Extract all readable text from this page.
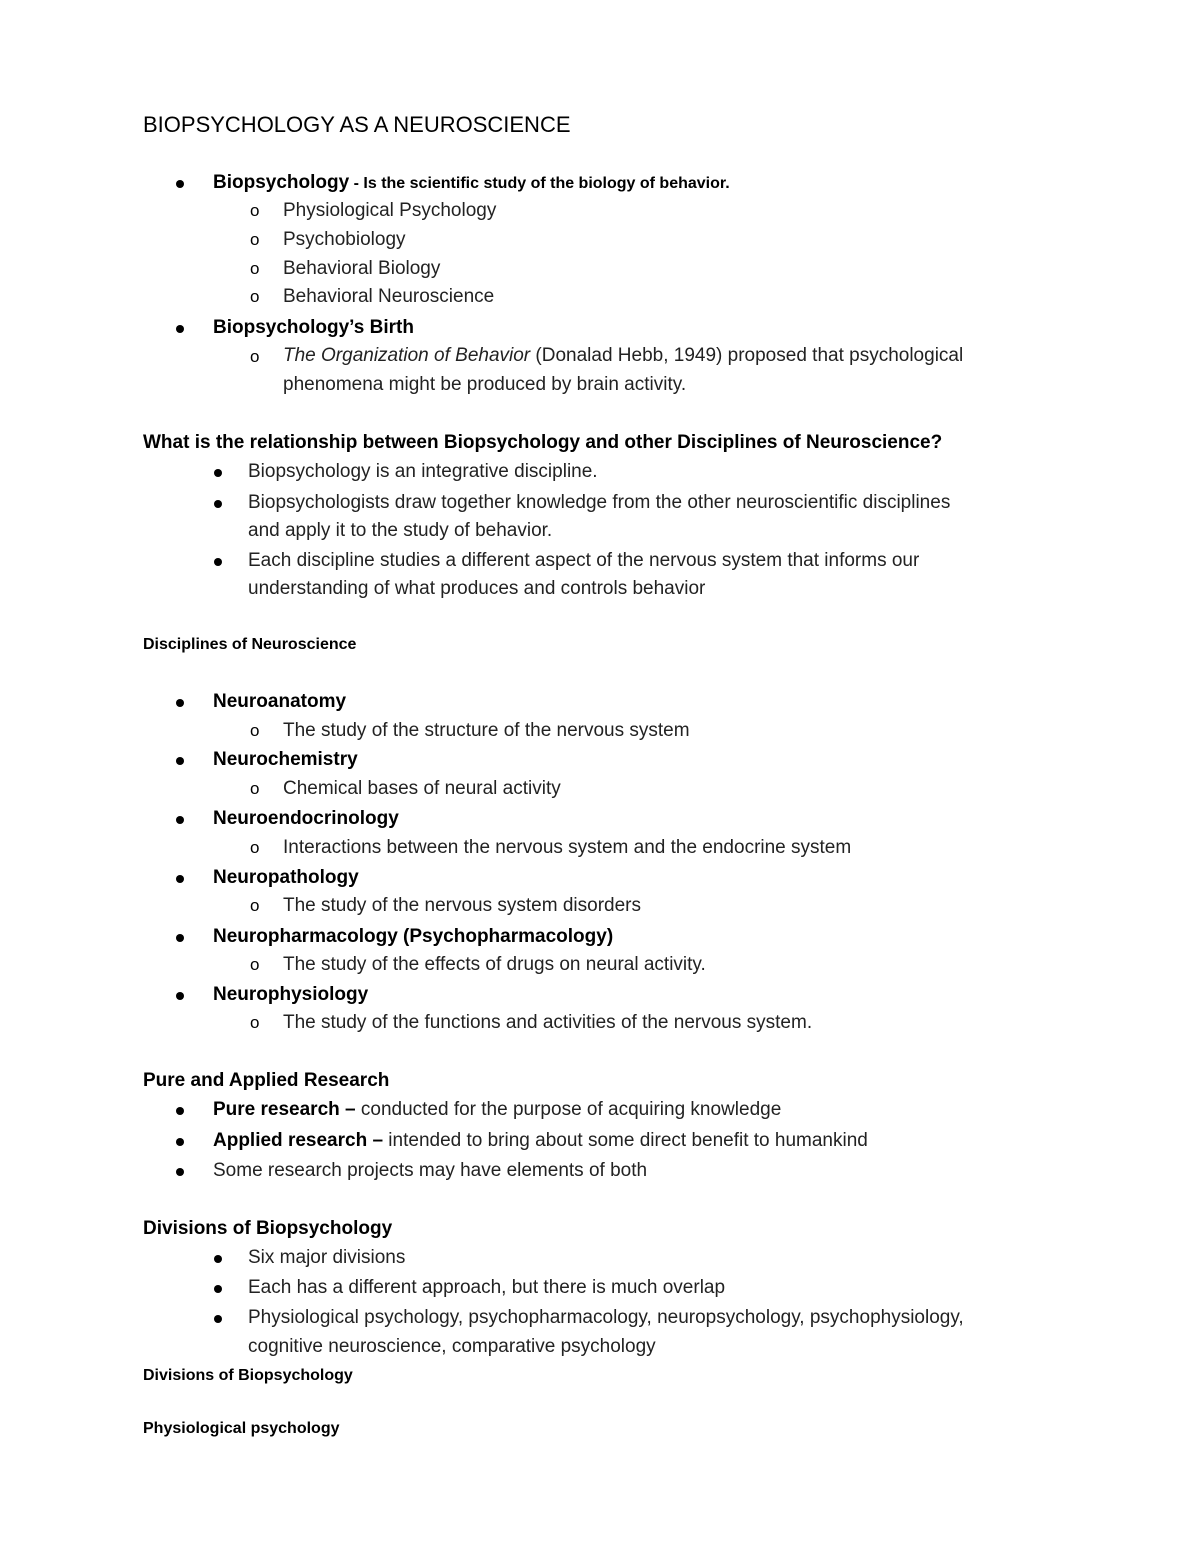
BIOPSYCHOLOGY AS A NEUROSCIENCE
Biopsychology - Is the scientific study of the biology of behavior.
o Physiological Psychology
o Psychobiology
o Behavioral Biology
o Behavioral Neuroscience
Biopsychology’s Birth
o The Organization of Behavior (Donalad Hebb, 1949) proposed that psychological
phenomena might be produced by brain activity.
What is the relationship between Biopsychology and other Disciplines of Neuroscience?
Biopsychology is an integrative discipline.
Biopsychologists draw together knowledge from the other neuroscientific disciplines
and apply it to the study of behavior.
Each discipline studies a different aspect of the nervous system that informs our
understanding of what produces and controls behavior
Disciplines of Neuroscience
Neuroanatomy
o The study of the structure of the nervous system
Neurochemistry
o Chemical bases of neural activity
Neuroendocrinology
o Interactions between the nervous system and the endocrine system
Neuropathology
o The study of the nervous system disorders
Neuropharmacology (Psychopharmacology)
o The study of the effects of drugs on neural activity.
Neurophysiology
o The study of the functions and activities of the nervous system.
Pure and Applied Research
Pure research – conducted for the purpose of acquiring knowledge
Applied research – intended to bring about some direct benefit to humankind
Some research projects may have elements of both
Divisions of Biopsychology
Six major divisions
Each has a different approach, but there is much overlap
Physiological psychology, psychopharmacology, neuropsychology, psychophysiology,
cognitive neuroscience, comparative psychology
Divisions of Biopsychology
Physiological psychology
